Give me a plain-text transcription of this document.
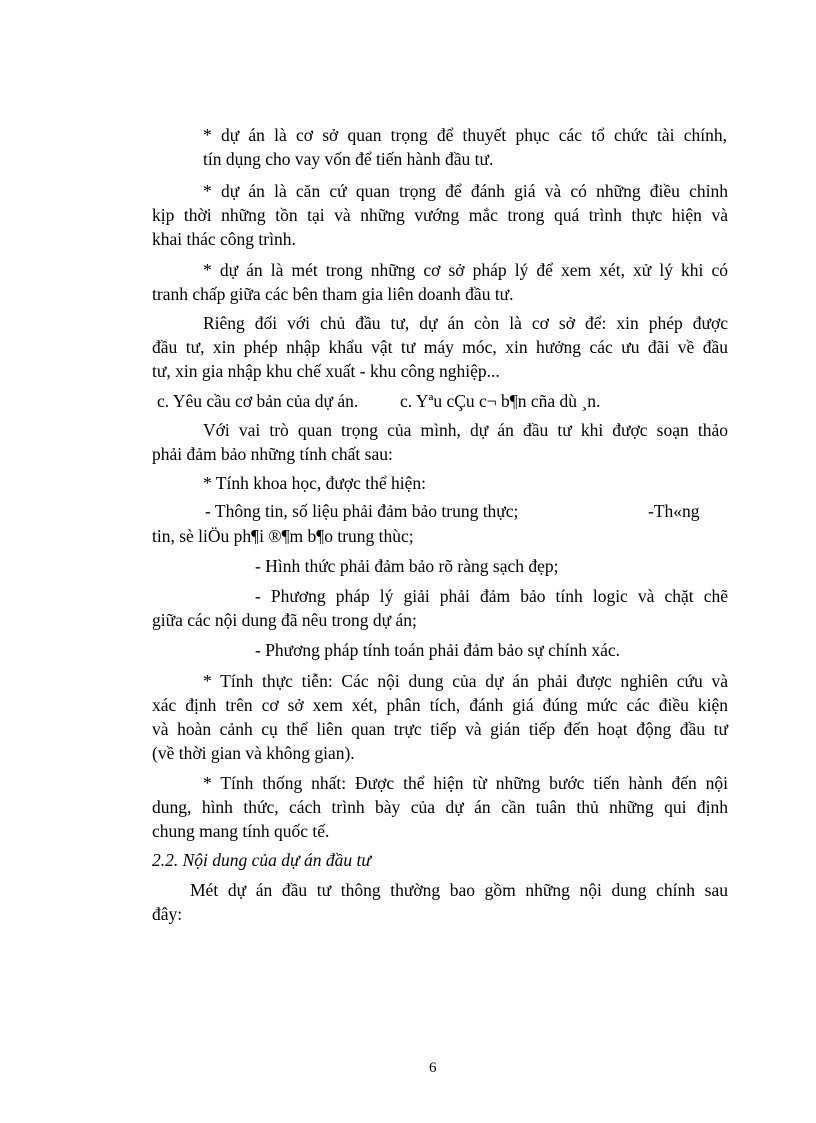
* dự án là cơ sở quan trọng để thuyết phục các tổ chức tài chính,
tín dụng cho vay vốn để tiến hành đầu tư.
* dự án là căn cứ quan trọng để đánh giá và có những điều chỉnh
kịp thời những tồn tại và những vướng mắc trong quá trình thực hiện và
khai thác công trình.
* dự án là mét trong những cơ sở pháp lý để xem xét, xử lý khi có
tranh chấp giữa các bên tham gia liên doanh đầu tư.
Riêng đối với chủ đầu tư, dự án còn là cơ sở để: xin phép được
đầu tư, xin phép nhập khẩu vật tư máy móc, xin hưởng các ưu đãi về đầu
tư, xin gia nhập khu chế xuất - khu công nghiệp...
c. Yêu cầu cơ bản của dự án. c. Yªu cÇu c¬ b¶n cña dù ¸n.
Với vai trò quan trọng của mình, dự án đầu tư khi được soạn thảo
phải đảm bảo những tính chất sau:
* Tính khoa học, được thể hiện:
- Thông tin, số liệu phải đảm bảo trung thực;	-Th«ng
tin, sè liÖu ph¶i ®¶m b¶o trung thùc;
- Hình thức phải đảm bảo rõ ràng sạch đẹp;
- Phương pháp lý giải phải đảm bảo tính logic và chặt chẽ
giữa các nội dung đã nêu trong dự án;
- Phương pháp tính toán phải đảm bảo sự chính xác.
* Tính thực tiễn: Các nội dung của dự án phải được nghiên cứu và
xác định trên cơ sở xem xét, phân tích, đánh giá đúng mức các điều kiện
và hoàn cảnh cụ thể liên quan trực tiếp và gián tiếp đến hoạt động đầu tư
(về thời gian và không gian).
* Tính thống nhất: Được thể hiện từ những bước tiến hành đến nội
dung, hình thức, cách trình bày của dự án cần tuân thủ những qui định
chung mang tính quốc tế.
2.2. Nội dung của dự án đầu tư
Mét dự án đầu tư thông thường bao gồm những nội dung chính sau
đây:
6
